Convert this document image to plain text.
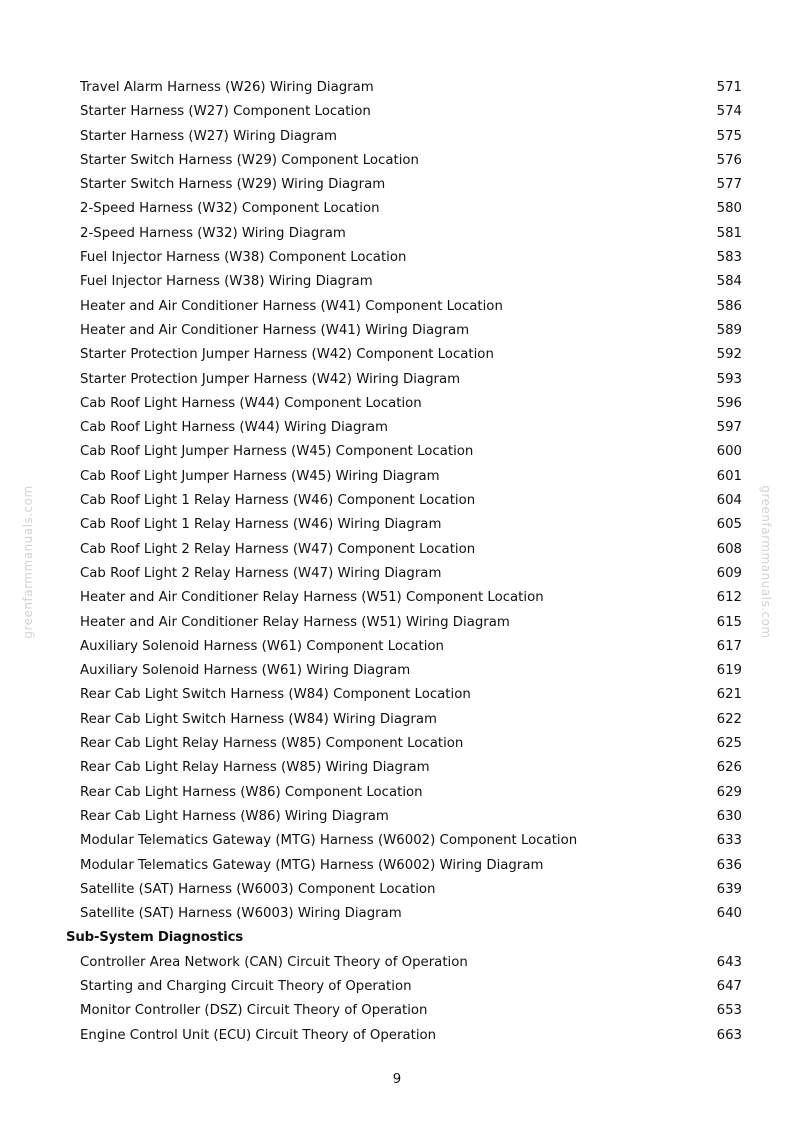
greenfarmmanuals.com	greenfarmmanuals.com
Travel Alarm Harness (W26) Wiring Diagram	571
Starter Harness (W27) Component Location	574
Starter Harness (W27) Wiring Diagram	575
Starter Switch Harness (W29) Component Location	576
Starter Switch Harness (W29) Wiring Diagram	577
2-Speed Harness (W32) Component Location	580
2-Speed Harness (W32) Wiring Diagram	581
Fuel Injector Harness (W38) Component Location	583
Fuel Injector Harness (W38) Wiring Diagram	584
Heater and Air Conditioner Harness (W41) Component Location	586
Heater and Air Conditioner Harness (W41) Wiring Diagram	589
Starter Protection Jumper Harness (W42) Component Location	592
Starter Protection Jumper Harness (W42) Wiring Diagram	593
Cab Roof Light Harness (W44) Component Location	596
Cab Roof Light Harness (W44) Wiring Diagram	597
Cab Roof Light Jumper Harness (W45) Component Location	600
Cab Roof Light Jumper Harness (W45) Wiring Diagram	601
Cab Roof Light 1 Relay Harness (W46) Component Location	604
Cab Roof Light 1 Relay Harness (W46) Wiring Diagram	605
Cab Roof Light 2 Relay Harness (W47) Component Location	608
Cab Roof Light 2 Relay Harness (W47) Wiring Diagram	609
Heater and Air Conditioner Relay Harness (W51) Component Location	612
Heater and Air Conditioner Relay Harness (W51) Wiring Diagram	615
Auxiliary Solenoid Harness (W61) Component Location	617
Auxiliary Solenoid Harness (W61) Wiring Diagram	619
Rear Cab Light Switch Harness (W84) Component Location	621
Rear Cab Light Switch Harness (W84) Wiring Diagram	622
Rear Cab Light Relay Harness (W85) Component Location	625
Rear Cab Light Relay Harness (W85) Wiring Diagram	626
Rear Cab Light Harness (W86) Component Location	629
Rear Cab Light Harness (W86) Wiring Diagram	630
Modular Telematics Gateway (MTG) Harness (W6002) Component Location	633
Modular Telematics Gateway (MTG) Harness (W6002) Wiring Diagram	636
Satellite (SAT) Harness (W6003) Component Location	639
Satellite (SAT) Harness (W6003) Wiring Diagram	640
Sub-System Diagnostics
Controller Area Network (CAN) Circuit Theory of Operation	643
Starting and Charging Circuit Theory of Operation	647
Monitor Controller (DSZ) Circuit Theory of Operation	653
Engine Control Unit (ECU) Circuit Theory of Operation	663
9
